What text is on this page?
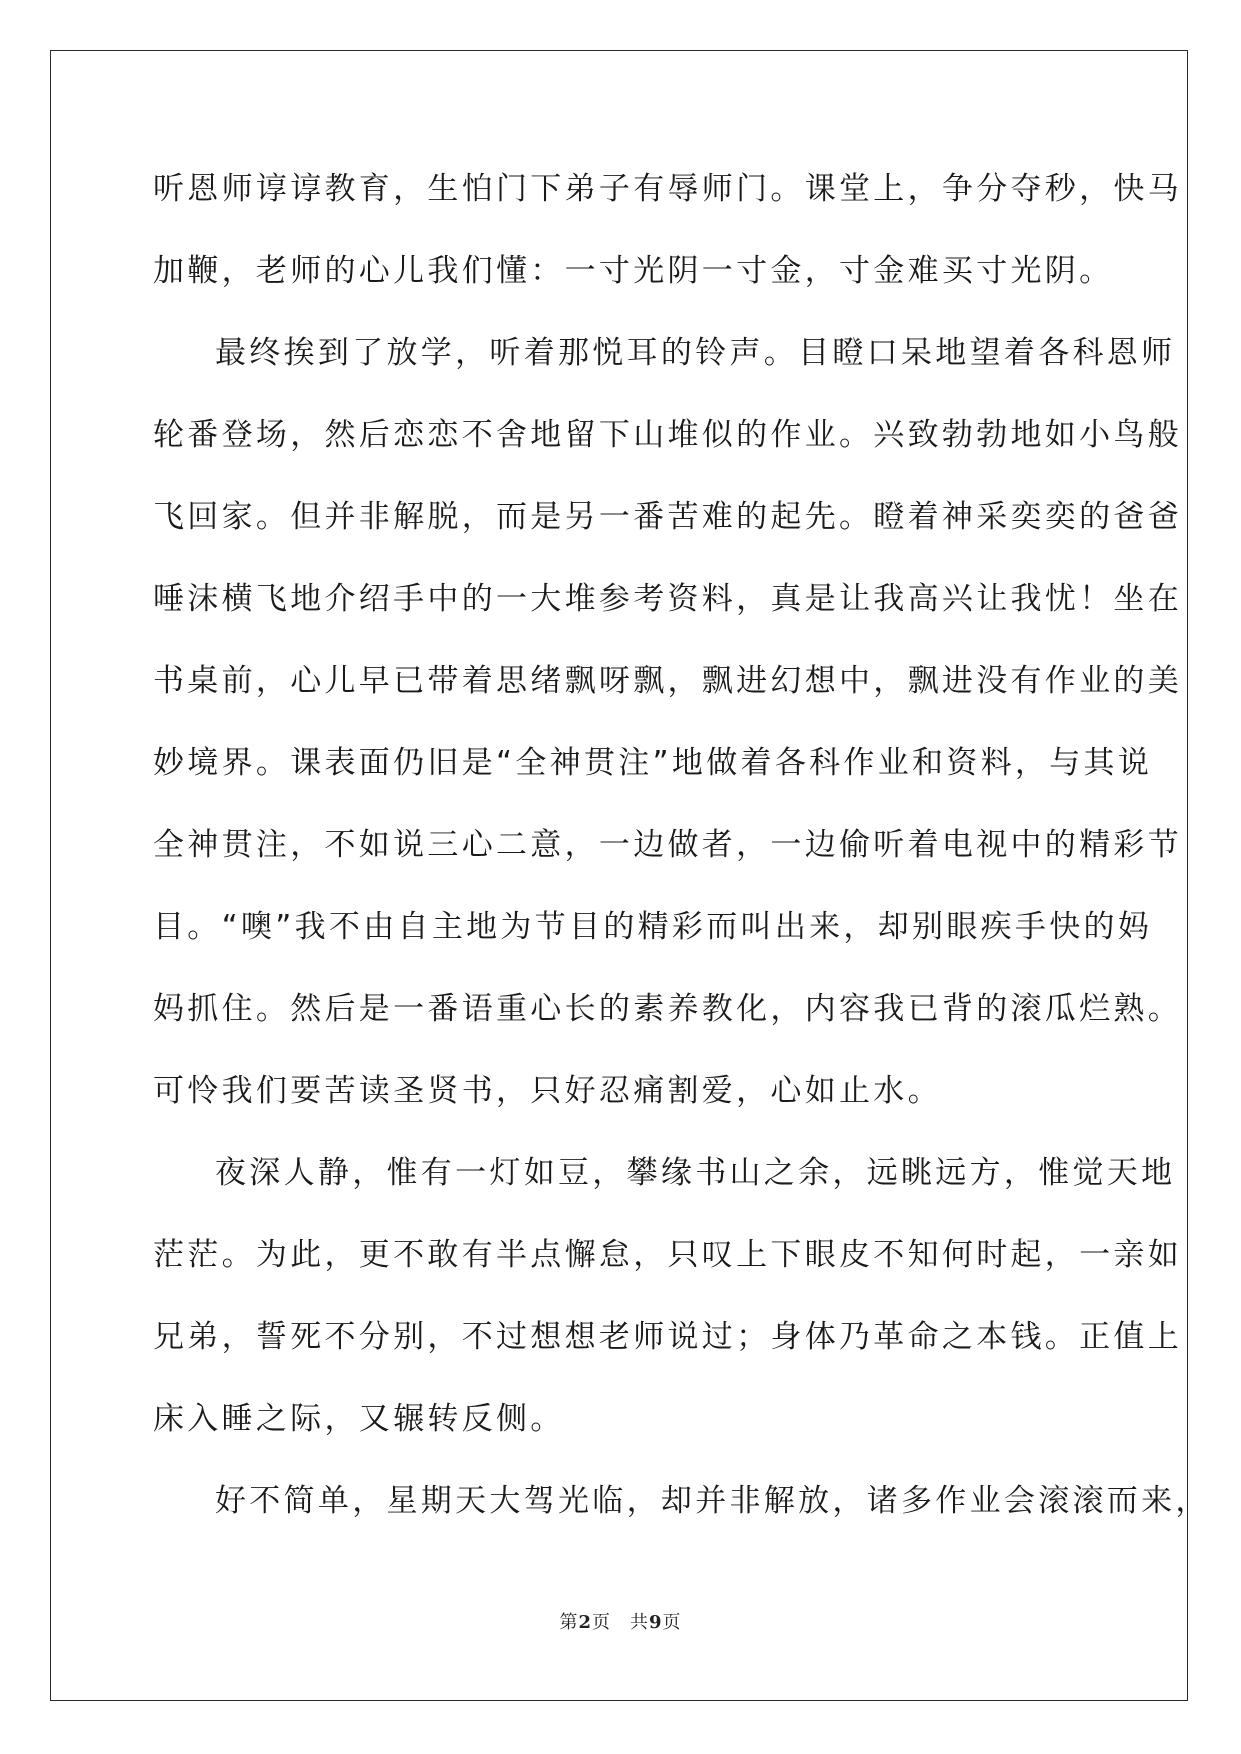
听恩师谆谆教育，生怕门下弟子有辱师门。课堂上，争分夺秒，快马
加鞭，老师的心儿我们懂：一寸光阴一寸金，寸金难买寸光阴。
最终挨到了放学，听着那悦耳的铃声。目瞪口呆地望着各科恩师
轮番登场，然后恋恋不舍地留下山堆似的作业。兴致勃勃地如小鸟般
飞回家。但并非解脱，而是另一番苦难的起先。瞪着神采奕奕的爸爸
唾沫横飞地介绍手中的一大堆参考资料，真是让我高兴让我忧！坐在
书桌前，心儿早已带着思绪飘呀飘，飘进幻想中，飘进没有作业的美
妙境界。课表面仍旧是“全神贯注”地做着各科作业和资料，与其说
全神贯注，不如说三心二意，一边做者，一边偷听着电视中的精彩节
目。“噢”我不由自主地为节目的精彩而叫出来，却别眼疾手快的妈
妈抓住。然后是一番语重心长的素养教化，内容我已背的滚瓜烂熟。
可怜我们要苦读圣贤书，只好忍痛割爱，心如止水。
夜深人静，惟有一灯如豆，攀缘书山之余，远眺远方，惟觉天地
茫茫。为此，更不敢有半点懈怠，只叹上下眼皮不知何时起，一亲如
兄弟，誓死不分别，不过想想老师说过；身体乃革命之本钱。正值上
床入睡之际，又辗转反侧。
好不简单，星期天大驾光临，却并非解放，诸多作业会滚滚而来，
第2页　共9页
